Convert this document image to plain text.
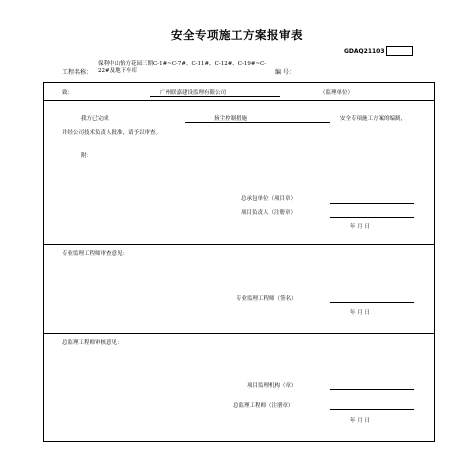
安全专项施工方案报审表
GDAQ21103
工程名称：
保利中山怡方花园三期C-1#~C-7#、C-11#、C-12#、C-19#~C-22#及地下车库	编 号：
致：	广州联嘉建设监理有限公司	（监理单位）
我方已完成	扬尘控制措施	安全专项施工方案的编制，
并经公司技术负责人批准，请予以审查。
附：
总承包单位（项目章）
项目负责人（注册章）
年 月 日
专业监理工程师审查意见：
专业监理工程师（签名）
年 月 日
总监理工程师审核意见：
项目监理机构（章）
总监理工程师（注册章）
年 月 日
